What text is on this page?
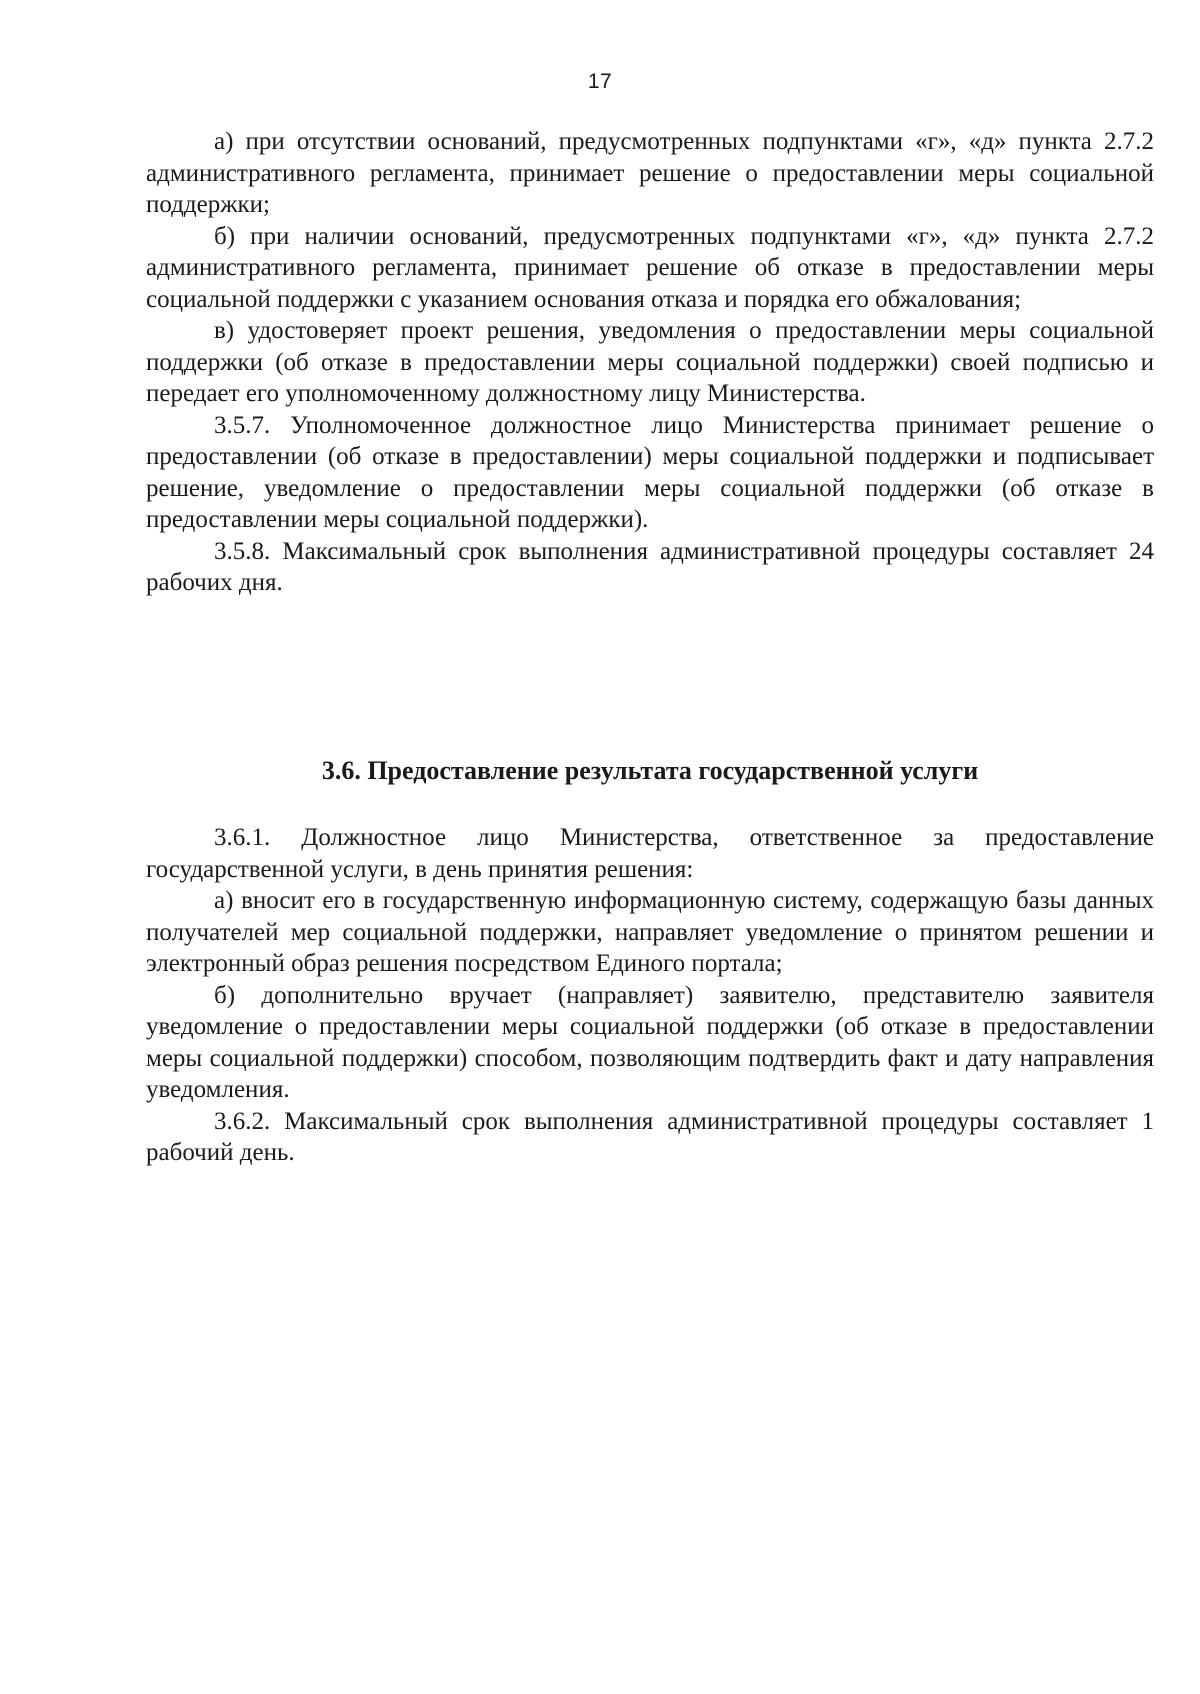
17

а) при отсутствии оснований, предусмотренных подпунктами «г», «д» пункта 2.7.2 административного регламента, принимает решение о предоставлении меры социальной поддержки;

б) при наличии оснований, предусмотренных подпунктами «г», «д» пункта 2.7.2 административного регламента, принимает решение об отказе в предоставлении меры социальной поддержки с указанием основания отказа и порядка его обжалования;

в) удостоверяет проект решения, уведомления о предоставлении меры социальной поддержки (об отказе в предоставлении меры социальной поддержки) своей подписью и передает его уполномоченному должностному лицу Министерства.

3.5.7. Уполномоченное должностное лицо Министерства принимает решение о предоставлении (об отказе в предоставлении) меры социальной поддержки и подписывает решение, уведомление о предоставлении меры социальной поддержки (об отказе в предоставлении меры социальной поддержки).

3.5.8. Максимальный срок выполнения административной процедуры составляет 24 рабочих дня.

3.6. Предоставление результата государственной услуги

3.6.1. Должностное лицо Министерства, ответственное за предоставление государственной услуги, в день принятия решения:

а) вносит его в государственную информационную систему, содержащую базы данных получателей мер социальной поддержки, направляет уведомление о принятом решении и электронный образ решения посредством Единого портала;

б) дополнительно вручает (направляет) заявителю, представителю заявителя уведомление о предоставлении меры социальной поддержки (об отказе в предоставлении меры социальной поддержки) способом, позволяющим подтвердить факт и дату направления уведомления.

3.6.2. Максимальный срок выполнения административной процедуры составляет 1 рабочий день.
